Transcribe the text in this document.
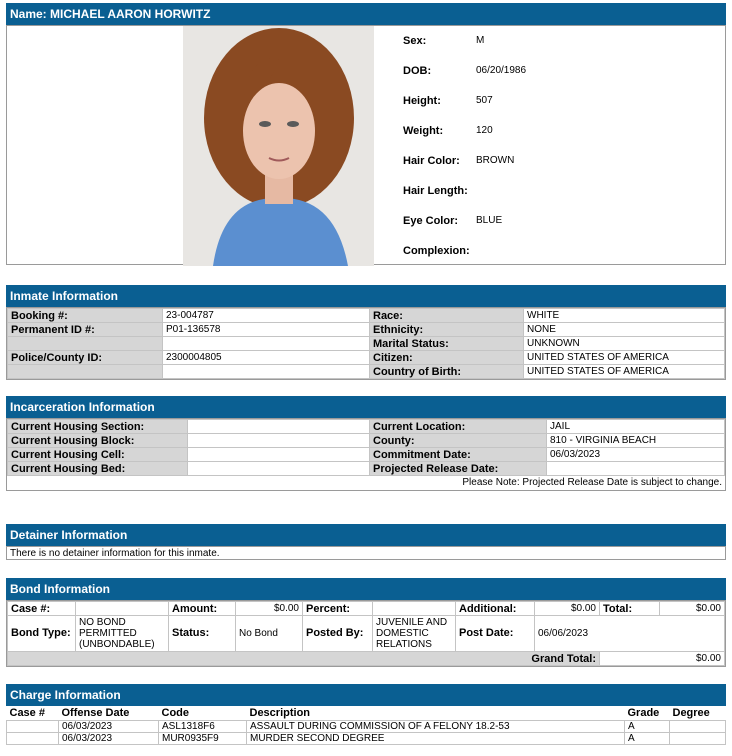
Name: MICHAEL AARON HORWITZ
Sex:	M
DOB:	06/20/1986
Height:	507
Weight:	120
Hair Color:	BROWN
Hair Length:
Eye Color:	BLUE
Complexion:
Inmate Information
Booking #:	23-004787	Race:	WHITE
Permanent ID #:	P01-136578	Ethnicity:	NONE
		Marital Status:	UNKNOWN
Police/County ID:	2300004805	Citizen:	UNITED STATES OF AMERICA
		Country of Birth:	UNITED STATES OF AMERICA
Incarceration Information
Current Housing Section:		Current Location:	JAIL
Current Housing Block:		County:	810 - VIRGINIA BEACH
Current Housing Cell:		Commitment Date:	06/03/2023
Current Housing Bed:		Projected Release Date:	
Please Note: Projected Release Date is subject to change.
Detainer Information
There is no detainer information for this inmate.
Bond Information
Case #:		Amount:	$0.00	Percent:		Additional:	$0.00	Total:	$0.00
Bond Type:	NO BOND PERMITTED (UNBONDABLE)	Status:	No Bond	Posted By:	JUVENILE AND DOMESTIC RELATIONS	Post Date:	06/06/2023		
Grand Total:								$0.00	
Charge Information
Case #	Offense Date	Code	Description	Grade	Degree
	06/03/2023	ASL1318F6	ASSAULT DURING COMMISSION OF A FELONY 18.2-53	A	
	06/03/2023	MUR0935F9	MURDER SECOND DEGREE	A	
